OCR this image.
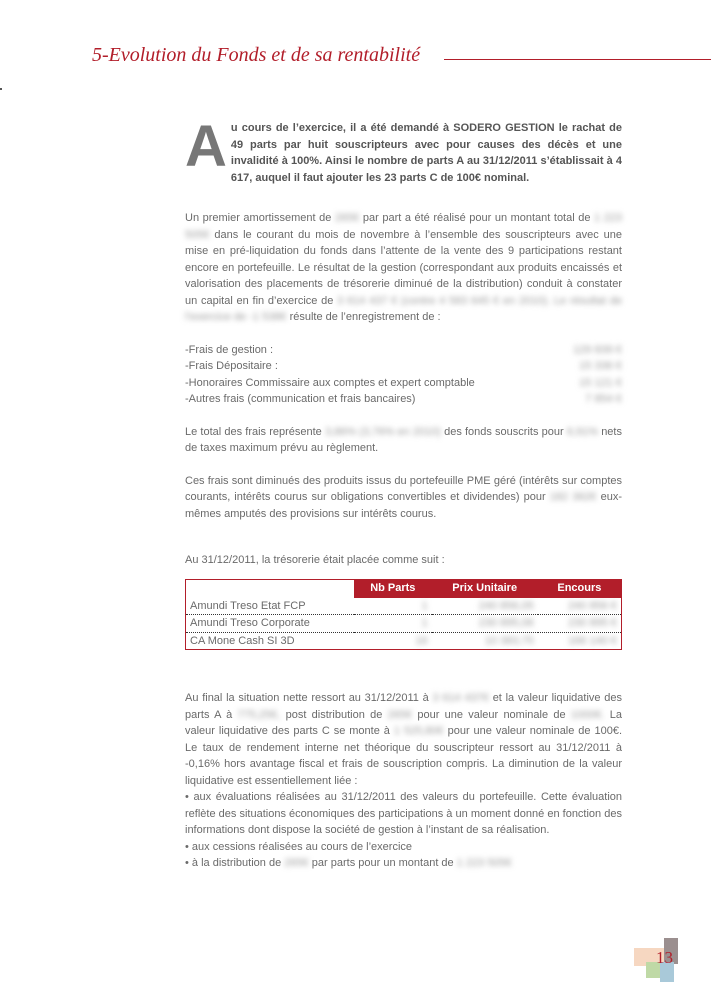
5-Evolution du Fonds et de sa rentabilité
A u cours de l’exercice, il a été demandé à SODERO GESTION le rachat de 49 parts par huit souscripteurs avec pour causes des décès et une invalidité à 100%. Ainsi le nombre de parts A au 31/12/2011 s’établissait à 4 617, auquel il faut ajouter les 23 parts C de 100€ nominal.

Un premier amortissement de 265€ par part a été réalisé pour un montant total de 1 223 505€ dans le courant du mois de novembre à l’ensemble des souscripteurs avec une mise en pré-liquidation du fonds dans l’attente de la vente des 9 participations restant encore en portefeuille. Le résultat de la gestion (correspondant aux produits encaissés et valorisation des placements de trésorerie diminué de la distribution) conduit à constater un capital en fin d’exercice de 3 614 437 € (contre 4 583 645 € en 2010). Le résultat de l’exercice de -1 538€ résulte de l’enregistrement de :

-Frais de gestion :	129 839 €
-Frais Dépositaire :	15 336 €
-Honoraires Commissaire aux comptes et expert comptable	15 121 €
-Autres frais (communication et frais bancaires)	7 854 €

Le total des frais représente 3,86% (3,76% en 2010) des fonds souscrits pour 6,91% nets de taxes maximum prévu au règlement.

Ces frais sont diminués des produits issus du portefeuille PME géré (intérêts sur comptes courants, intérêts courus sur obligations convertibles et dividendes) pour 182 362€ eux-mêmes amputés des provisions sur intérêts courus.

Au 31/12/2011, la trésorerie était placée comme suit :

	Nb Parts	Prix Unitaire	Encours
Amundi Treso Etat FCP	1	240 856,05	240 856 €
Amundi Treso Corporate	1	230 895,06	230 895 €
CA Mone Cash SI 3D	16	10 383,75	166 140 €

Au final la situation nette ressort au 31/12/2011 à 3 614 437€ et la valeur liquidative des parts A à 775,25€, post distribution de 265€ pour une valeur nominale de 1000€. La valeur liquidative des parts C se monte à 1 525,80€ pour une valeur nominale de 100€. Le taux de rendement interne net théorique du souscripteur ressort au 31/12/2011 à -0,16% hors avantage fiscal et frais de souscription compris. La diminution de la valeur liquidative est essentiellement liée :

• aux évaluations réalisées au 31/12/2011 des valeurs du portefeuille. Cette évaluation reflète des situations économiques des participations à un moment donné en fonction des informations dont dispose la société de gestion à l’instant de sa réalisation.

• aux cessions réalisées au cours de l’exercice

• à la distribution de 265€ par parts pour un montant de 1 223 505€

13
